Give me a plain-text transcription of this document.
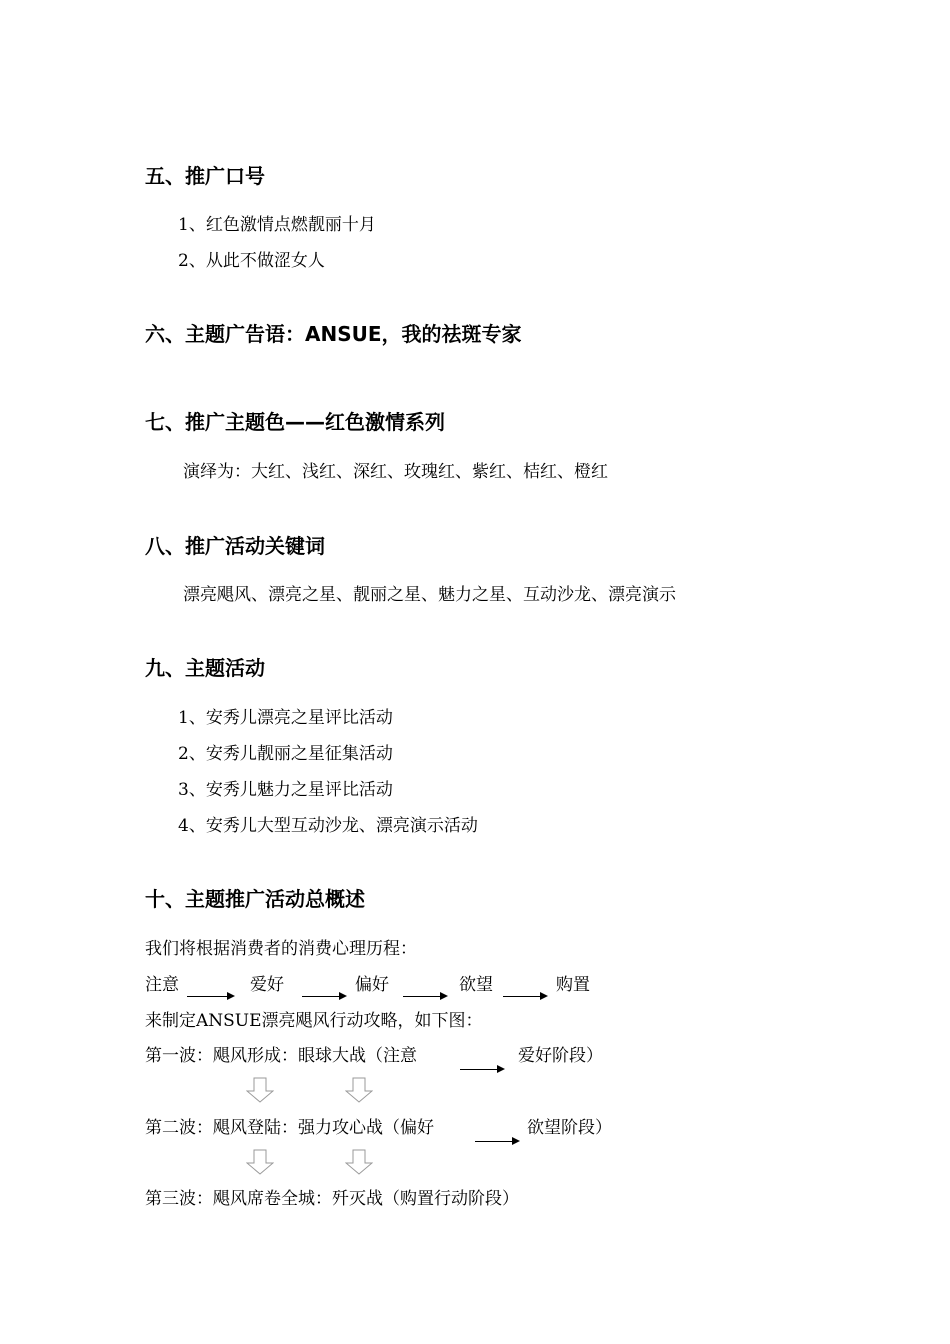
五、推广口号
1、红色激情点燃靓丽十月
2、从此不做涩女人
六、主题广告语：ANSUE，我的祛斑专家
七、推广主题色——红色激情系列
演绎为：大红、浅红、深红、玫瑰红、紫红、桔红、橙红
八、推广活动关键词
漂亮飓风、漂亮之星、靓丽之星、魅力之星、互动沙龙、漂亮演示
九、主题活动
1、安秀儿漂亮之星评比活动
2、安秀儿靓丽之星征集活动
3、安秀儿魅力之星评比活动
4、安秀儿大型互动沙龙、漂亮演示活动
十、主题推广活动总概述
我们将根据消费者的消费心理历程：
注意	爱好	偏好	欲望	购置
来制定ANSUE漂亮飓风行动攻略，如下图：
第一波：飓风形成：眼球大战（注意	爱好阶段）
第二波：飓风登陆：强力攻心战（偏好	欲望阶段）
第三波：飓风席卷全城：歼灭战（购置行动阶段）
